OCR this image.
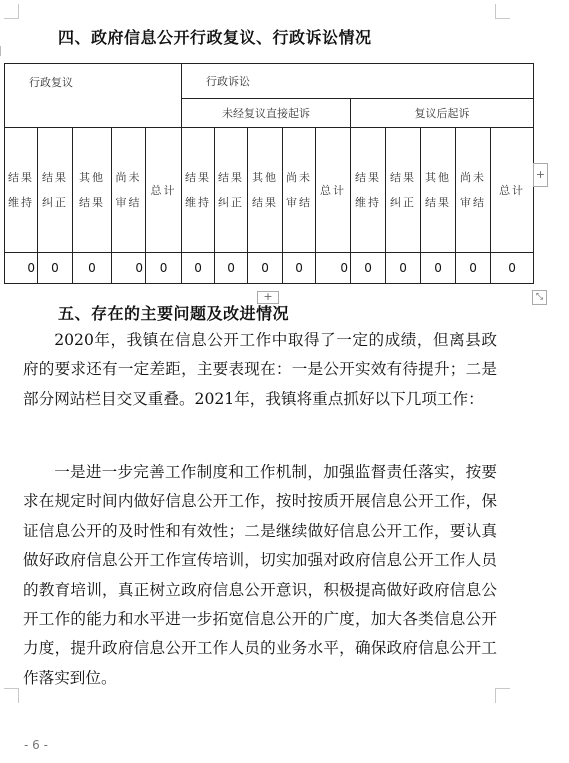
四、政府信息公开行政复议、行政诉讼情况
行政复议					行政诉讼									
					未经复议直接起诉					复议后起诉				
结果维持	结果纠正	其他结果	尚未审结	总计	结果维持	结果纠正	其他结果	尚未审结	总计	结果维持	结果纠正	其他结果	尚未审结	总计
0	0	0	0	0	0	0	0	0	0	0	0	0	0	0
+
+	⤡
五、存在的主要问题及改进情况

2020年，我镇在信息公开工作中取得了一定的成绩，但离县政府的要求还有一定差距，主要表现在：一是公开实效有待提升；二是部分网站栏目交叉重叠。2021年，我镇将重点抓好以下几项工作：

一是进一步完善工作制度和工作机制，加强监督责任落实，按要求在规定时间内做好信息公开工作，按时按质开展信息公开工作，保证信息公开的及时性和有效性；二是继续做好信息公开工作，要认真做好政府信息公开工作宣传培训，切实加强对政府信息公开工作人员的教育培训，真正树立政府信息公开意识，积极提高做好政府信息公开工作的能力和水平进一步拓宽信息公开的广度，加大各类信息公开力度，提升政府信息公开工作人员的业务水平，确保政府信息公开工作落实到位。

- 6 -
